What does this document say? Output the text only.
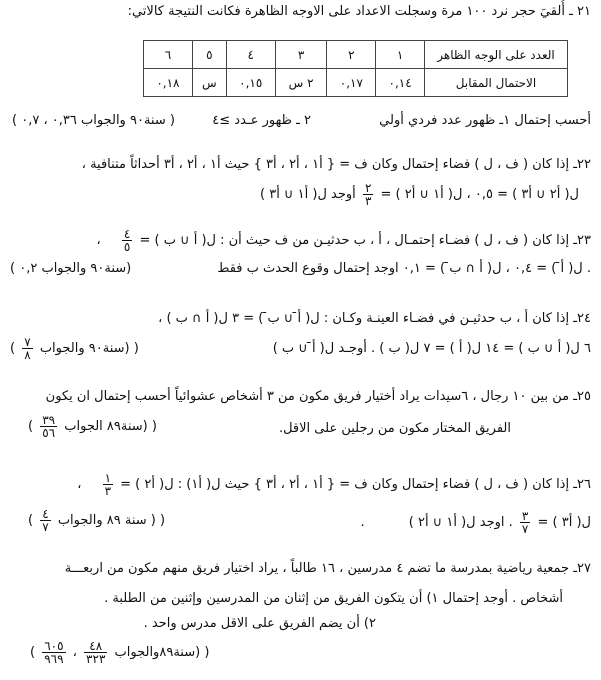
٢١ ـ أُلقيَ حجر نرد ١٠٠ مرة وسجلت الاعداد على الاوجه الظاهرة فكانت النتيجة كالاتي:
العدد على الوجه الظاهر	١	٢	٣	٤	٥	٦
الاحتمال المقابل	٠,١٤	٠,١٧	٢ س	٠,١٥	س	٠,١٨
أحسب إحتمال ١ـ ظهور عدد فردي أولي
٢ ـ ظهور عـدد ≥٤
( سنة٩٠ والجواب ٠,٣٦ ، ٠,٧ )
٢٢ـ إذا كان ( ف ، ل ) فضاء إحتمال وكان ف = { أ١ ، أ٢ ، أ٣ } حيث أ١ ، أ٢ ، أ٣ أحداثاً متنافية ،
ل( أ٢ ∪ أ٣ ) = ٠,٥ ، ل( أ١ ∪ أ٢ ) =
$\frac{٢}{٣}$
أوجد ل( أ١ ∪ أ٣ )
٢٣ـ إذا كان ( ف ، ل ) فضـاء إحتمـال ، أ ، ب حدثيـن من ف حيث أن : ل( أ ∪ ب ) =
$\frac{٤}{٥}$
،
. ل( أ̄ ) = ٠,٤ ، ل( أ ∩ ب̄ ) = ٠,١ اوجد إحتمال وقوع الحدث ب فقط
(سنة٩٠ والجواب ٠,٢ )
٢٤ـ إذا كان أ ، ب حدثيـن في فضـاء العينـة وكـان : ل( أ̄ ∪ ب̄ ) = ٣ ل( أ ∩ ب ) ،
٦ ل( أ ∪ ب ) = ١٤ ل( أ ) = ٧ ل( ب ) . أوجـد ل( أ̄ ∪ ب )
( (سنة٩٠ والجواب
$\frac{٧}{٨}$
)
٢٥ـ من بين ١٠ رجال ، ٦سيدات يراد أختيار فريق مكون من ٣ أشخاص عشوائياً أحسب إحتمال ان يكون
الفريق المختار مكون من رجلين على الاقل.
( (سنة٨٩ الجواب
$\frac{٣٩}{٥٦}$
)
٢٦ـ إذا كان ( ف ، ل ) فضاء إحتمال وكان ف = { أ١ ، أ٢ ، أ٣ } حيث ل( أ١) : ل( أ٢ ) =
$\frac{١}{٣}$
،
ل( أ٣ ) =
$\frac{٣}{٧}$
. اوجد ل( أ١ ∪ أ٢ ) .
( ( سنة ٨٩ والجواب
$\frac{٤}{٧}$
)
٢٧ـ جمعية رياضية بمدرسة ما تضم ٤ مدرسين ، ١٦ طالباً ، يراد اختيار فريق منهم مكون من اربعـــة
أشخاص . أوجد إحتمال ١) أن يتكون الفريق من إثنان من المدرسين وإثنين من الطلبة .
٢) أن يضم الفريق على الاقل مدرس واحد .
( (سنة٨٩والجواب
$\frac{٤٨}{٣٢٣}$
،
$\frac{٦٠٥}{٩٦٩}$
)
